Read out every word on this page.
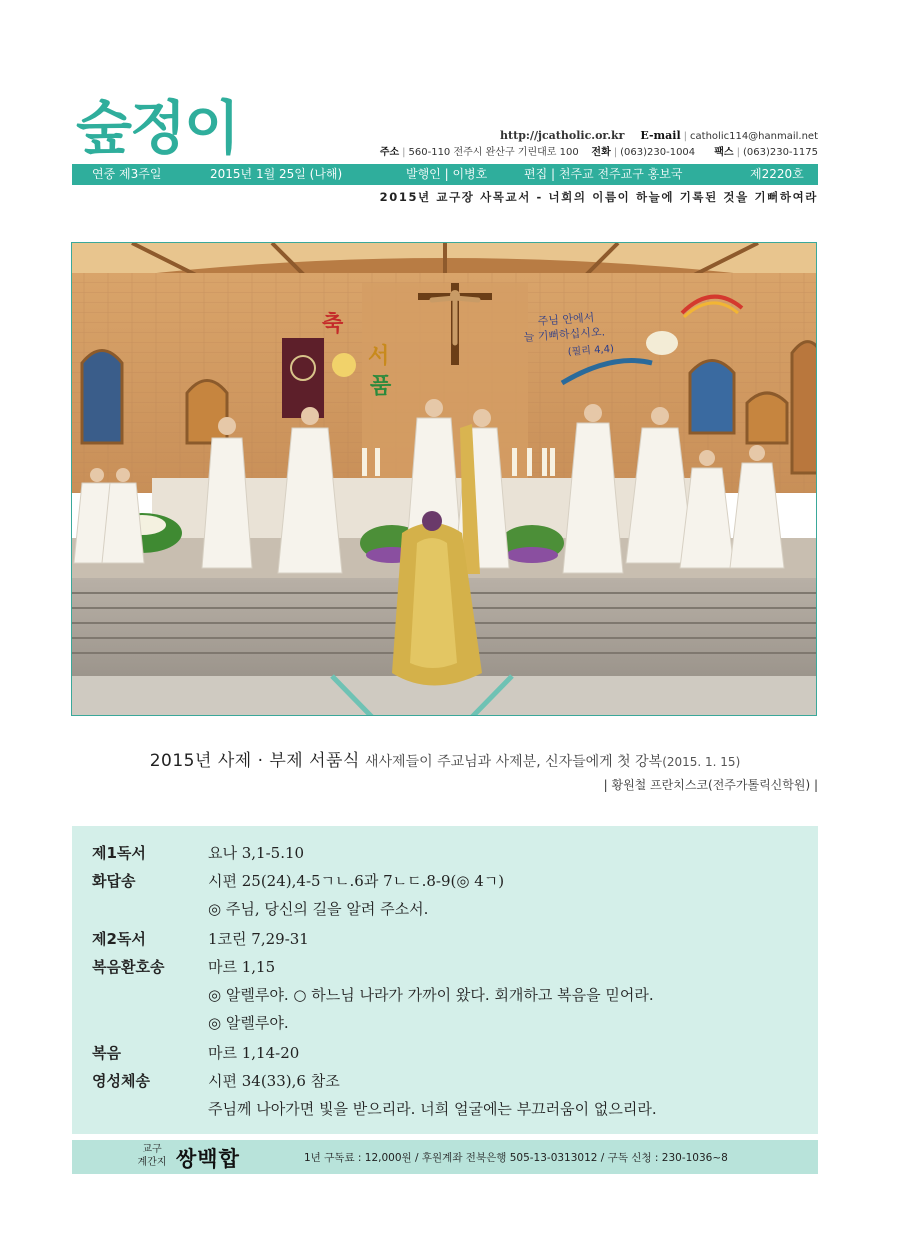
숲정이	http://jcatholic.or.kr E-mail | catholic114@hanmail.net
주소 | 560-110 전주시 완산구 기린대로 100 전화 | (063)230-1004 팩스 | (063)230-1175
연중 제3주일	2015년 1월 25일 (나해)	발행인 | 이병호	편집 | 천주교 전주교구 홍보국	제2220호
2015년 교구장 사목교서 - 너희의 이름이 하늘에 기록된 것을 기뻐하여라
축
서
품
주님 안에서
늘 기뻐하십시오.
(필리 4,4)
2015년 사제 · 부제 서품식 새사제들이 주교님과 사제분, 신자들에게 첫 강복(2015. 1. 15)
| 황원철 프란치스코(전주가톨릭신학원) |
제1독서	요나 3,1-5.10
화답송	시편 25(24),4-5ㄱㄴ.6과 7ㄴㄷ.8-9(◎ 4ㄱ)
◎ 주님, 당신의 길을 알려 주소서.
제2독서	1코린 7,29-31
복음환호송	마르 1,15
◎ 알렐루야. ○ 하느님 나라가 가까이 왔다. 회개하고 복음을 믿어라.
◎ 알렐루야.
복음	마르 1,14-20
영성체송	시편 34(33),6 참조
주님께 나아가면 빛을 받으리라. 너희 얼굴에는 부끄러움이 없으리라.
교구
계간지 쌍백합	1년 구독료 : 12,000원 / 후원계좌 전북은행 505-13-0313012 / 구독 신청 : 230-1036~8
